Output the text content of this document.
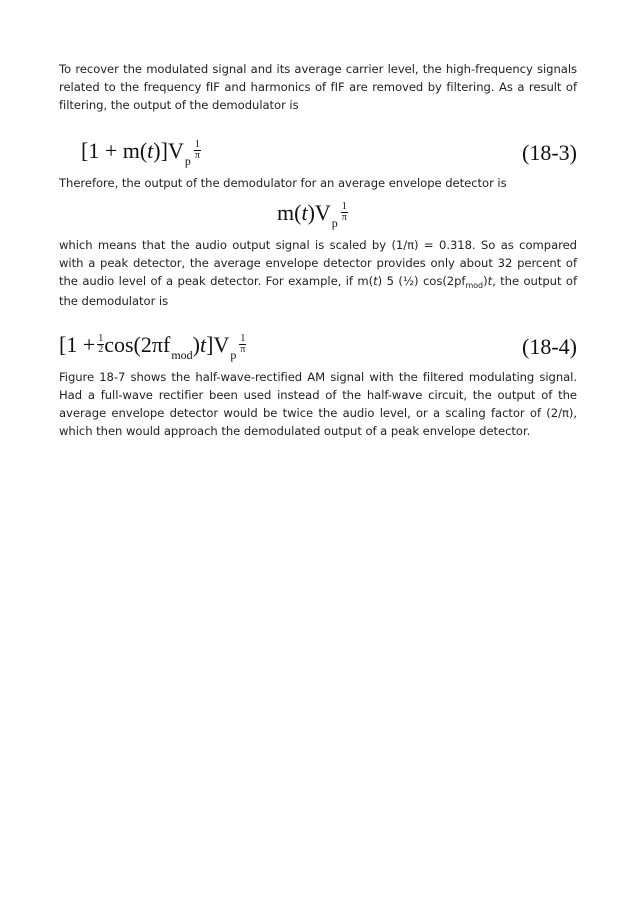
To recover the modulated signal and its average carrier level, the high-frequency signals related to the frequency fIF and harmonics of fIF are removed by filtering. As a result of filtering, the output of the demodulator is

$[1 + m(t)]V_p \frac{1}{\pi}$	(18-3)

Therefore, the output of the demodulator for an average envelope detector is

$m(t)V_p \frac{1}{\pi}$

which means that the audio output signal is scaled by (1/π) = 0.318. So as compared with a peak detector, the average envelope detector provides only about 32 percent of the audio level of a peak detector. For example, if m(t) 5 (½) $\cos(2pf_{mod})t$, the output of the demodulator is

$[1 + \frac{1}{2} \cos(2\pi f_{mod})t]V_p \frac{1}{\pi}$	(18-4)

Figure 18-7 shows the half-wave-rectified AM signal with the filtered modulating signal. Had a full-wave rectifier been used instead of the half-wave circuit, the output of the average envelope detector would be twice the audio level, or a scaling factor of (2/π), which then would approach the demodulated output of a peak envelope detector.
